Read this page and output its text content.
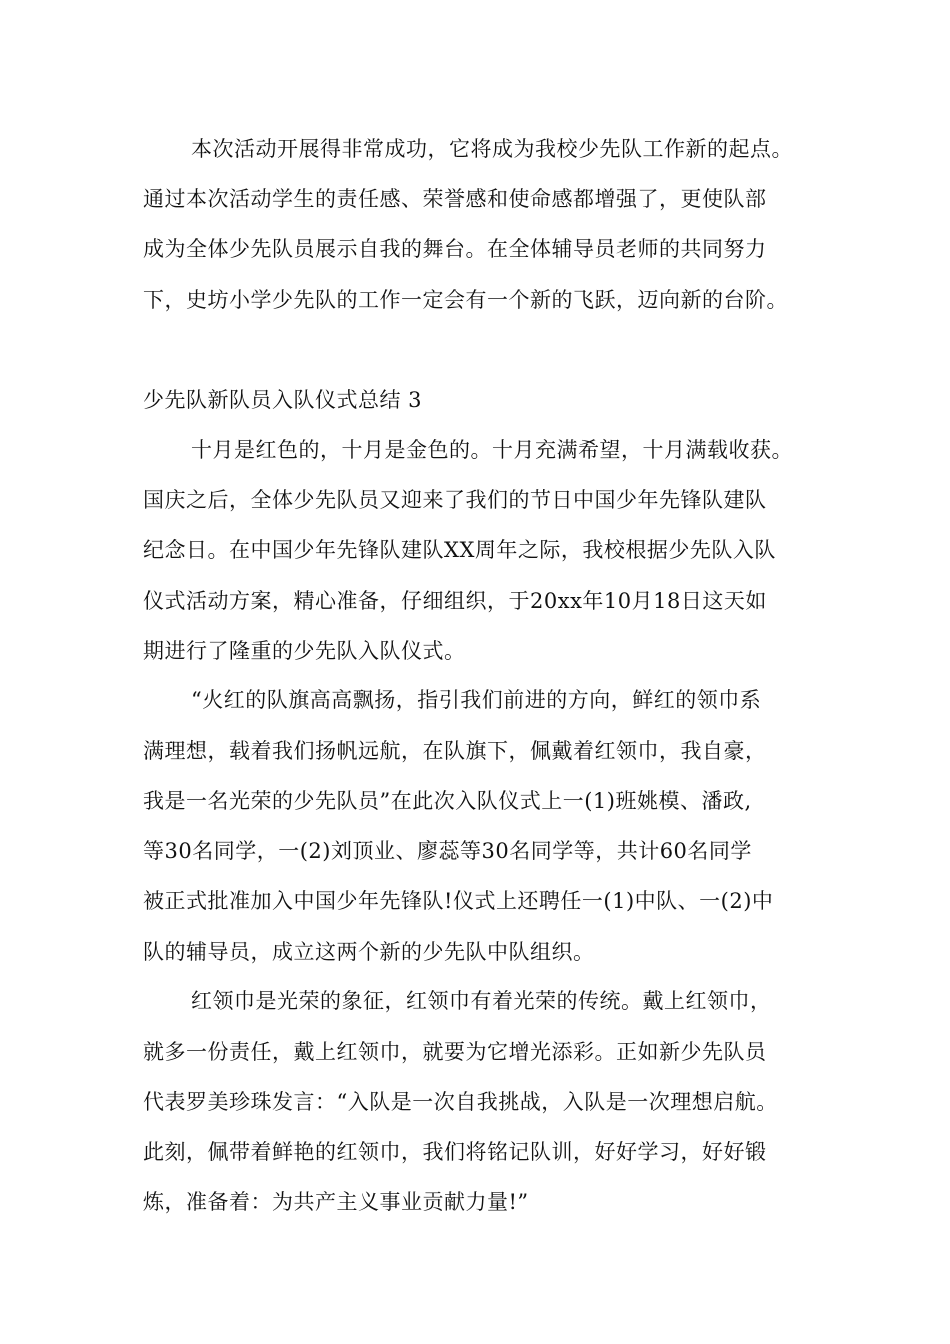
本次活动开展得非常成功，它将成为我校少先队工作新的起点。
通过本次活动学生的责任感、荣誉感和使命感都增强了，更使队部
成为全体少先队员展示自我的舞台。在全体辅导员老师的共同努力
下，史坊小学少先队的工作一定会有一个新的飞跃，迈向新的台阶。
少先队新队员入队仪式总结 3
十月是红色的，十月是金色的。十月充满希望，十月满载收获。
国庆之后，全体少先队员又迎来了我们的节日中国少年先锋队建队
纪念日。在中国少年先锋队建队XX周年之际，我校根据少先队入队
仪式活动方案，精心准备，仔细组织，于20xx年10月18日这天如
期进行了隆重的少先队入队仪式。
“火红的队旗高高飘扬，指引我们前进的方向，鲜红的领巾系
满理想，载着我们扬帆远航，在队旗下，佩戴着红领巾，我自豪，
我是一名光荣的少先队员”在此次入队仪式上一(1)班姚模、潘政,
等30名同学，一(2)刘顶业、廖蕊等30名同学等，共计60名同学
被正式批准加入中国少年先锋队!仪式上还聘任一(1)中队、一(2)中
队的辅导员，成立这两个新的少先队中队组织。
红领巾是光荣的象征，红领巾有着光荣的传统。戴上红领巾，
就多一份责任，戴上红领巾，就要为它增光添彩。正如新少先队员
代表罗美珍珠发言：“入队是一次自我挑战，入队是一次理想启航。
此刻，佩带着鲜艳的红领巾，我们将铭记队训，好好学习，好好锻
炼，准备着：为共产主义事业贡献力量!”
